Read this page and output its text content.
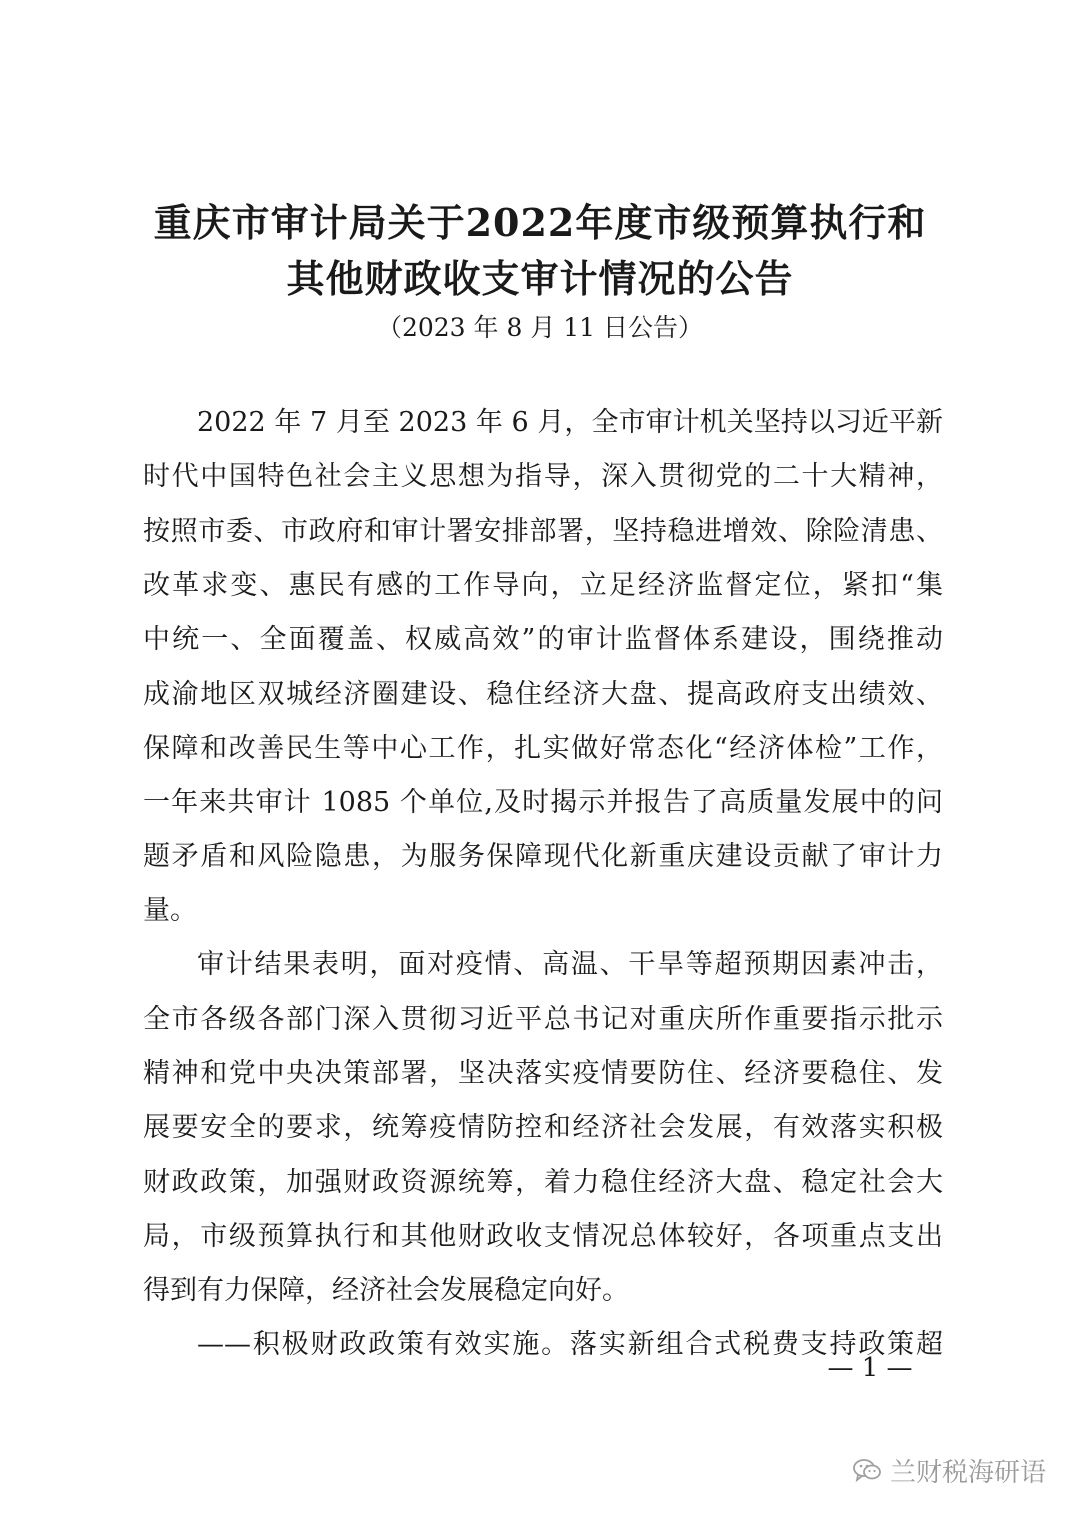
重庆市审计局关于2022年度市级预算执行和
其他财政收支审计情况的公告
（2023 年 8 月 11 日公告）
2022 年 7 月至 2023 年 6 月，全市审计机关坚持以习近平新
时代中国特色社会主义思想为指导，深入贯彻党的二十大精神，
按照市委、市政府和审计署安排部署，坚持稳进增效、除险清患、
改革求变、惠民有感的工作导向，立足经济监督定位，紧扣“集
中统一、全面覆盖、权威高效”的审计监督体系建设，围绕推动
成渝地区双城经济圈建设、稳住经济大盘、提高政府支出绩效、
保障和改善民生等中心工作，扎实做好常态化“经济体检”工作，
一年来共审计 1085 个单位,及时揭示并报告了高质量发展中的问
题矛盾和风险隐患，为服务保障现代化新重庆建设贡献了审计力
量。
审计结果表明，面对疫情、高温、干旱等超预期因素冲击，
全市各级各部门深入贯彻习近平总书记对重庆所作重要指示批示
精神和党中央决策部署，坚决落实疫情要防住、经济要稳住、发
展要安全的要求，统筹疫情防控和经济社会发展，有效落实积极
财政政策，加强财政资源统筹，着力稳住经济大盘、稳定社会大
局，市级预算执行和其他财政收支情况总体较好，各项重点支出
得到有力保障，经济社会发展稳定向好。
——积极财政政策有效实施。落实新组合式税费支持政策超
— 1 —
兰财税海研语
